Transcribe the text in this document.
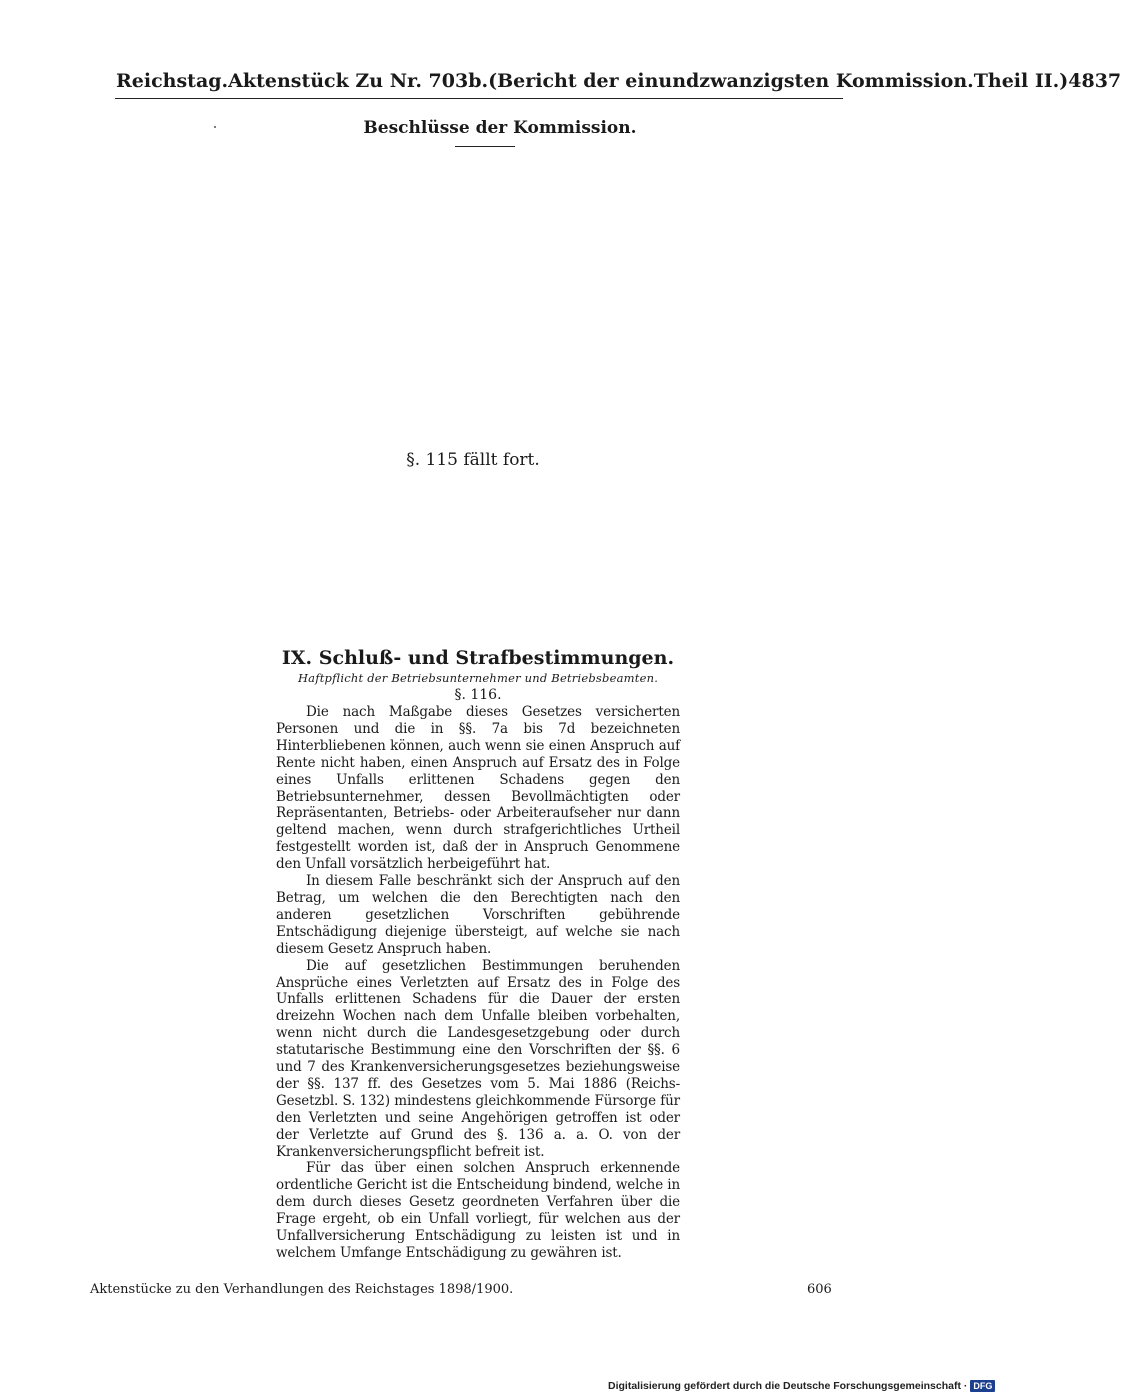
Reichstag. Aktenstück Zu Nr. 703b. (Bericht der einundzwanzigsten Kommission. Theil II.) 4837
Beschlüsse der Kommission.
§. 115 fällt fort.

IX. Schluß- und Strafbestimmungen.

Haftpflicht der Betriebsunternehmer und Betriebsbeamten.

§. 116.

Die nach Maßgabe dieses Gesetzes versicherten Personen und die in §§. 7a bis 7d bezeichneten Hinterbliebenen können, auch wenn sie einen Anspruch auf Rente nicht haben, einen Anspruch auf Ersatz des in Folge eines Unfalls erlittenen Schadens gegen den Betriebsunternehmer, dessen Bevollmächtigten oder Repräsentanten, Betriebs- oder Arbeiteraufseher nur dann geltend machen, wenn durch strafgerichtliches Urtheil festgestellt worden ist, daß der in Anspruch Genommene den Unfall vorsätzlich herbeigeführt hat.

In diesem Falle beschränkt sich der Anspruch auf den Betrag, um welchen die den Berechtigten nach den anderen gesetzlichen Vorschriften gebührende Entschädigung diejenige übersteigt, auf welche sie nach diesem Gesetz Anspruch haben.

Die auf gesetzlichen Bestimmungen beruhenden Ansprüche eines Verletzten auf Ersatz des in Folge des Unfalls erlittenen Schadens für die Dauer der ersten dreizehn Wochen nach dem Unfalle bleiben vorbehalten, wenn nicht durch die Landesgesetzgebung oder durch statutarische Bestimmung eine den Vorschriften der §§. 6 und 7 des Krankenversicherungsgesetzes beziehungsweise der §§. 137 ff. des Gesetzes vom 5. Mai 1886 (Reichs-Gesetzbl. S. 132) mindestens gleichkommende Fürsorge für den Verletzten und seine Angehörigen getroffen ist oder der Verletzte auf Grund des §. 136 a. a. O. von der Krankenversicherungspflicht befreit ist.

Für das über einen solchen Anspruch erkennende ordentliche Gericht ist die Entscheidung bindend, welche in dem durch dieses Gesetz geordneten Verfahren über die Frage ergeht, ob ein Unfall vorliegt, für welchen aus der Unfallversicherung Entschädigung zu leisten ist und in welchem Umfange Entschädigung zu gewähren ist.

Aktenstücke zu den Verhandlungen des Reichstages 1898/1900.	606
Digitalisierung gefördert durch die Deutsche Forschungsgemeinschaft · DFG
